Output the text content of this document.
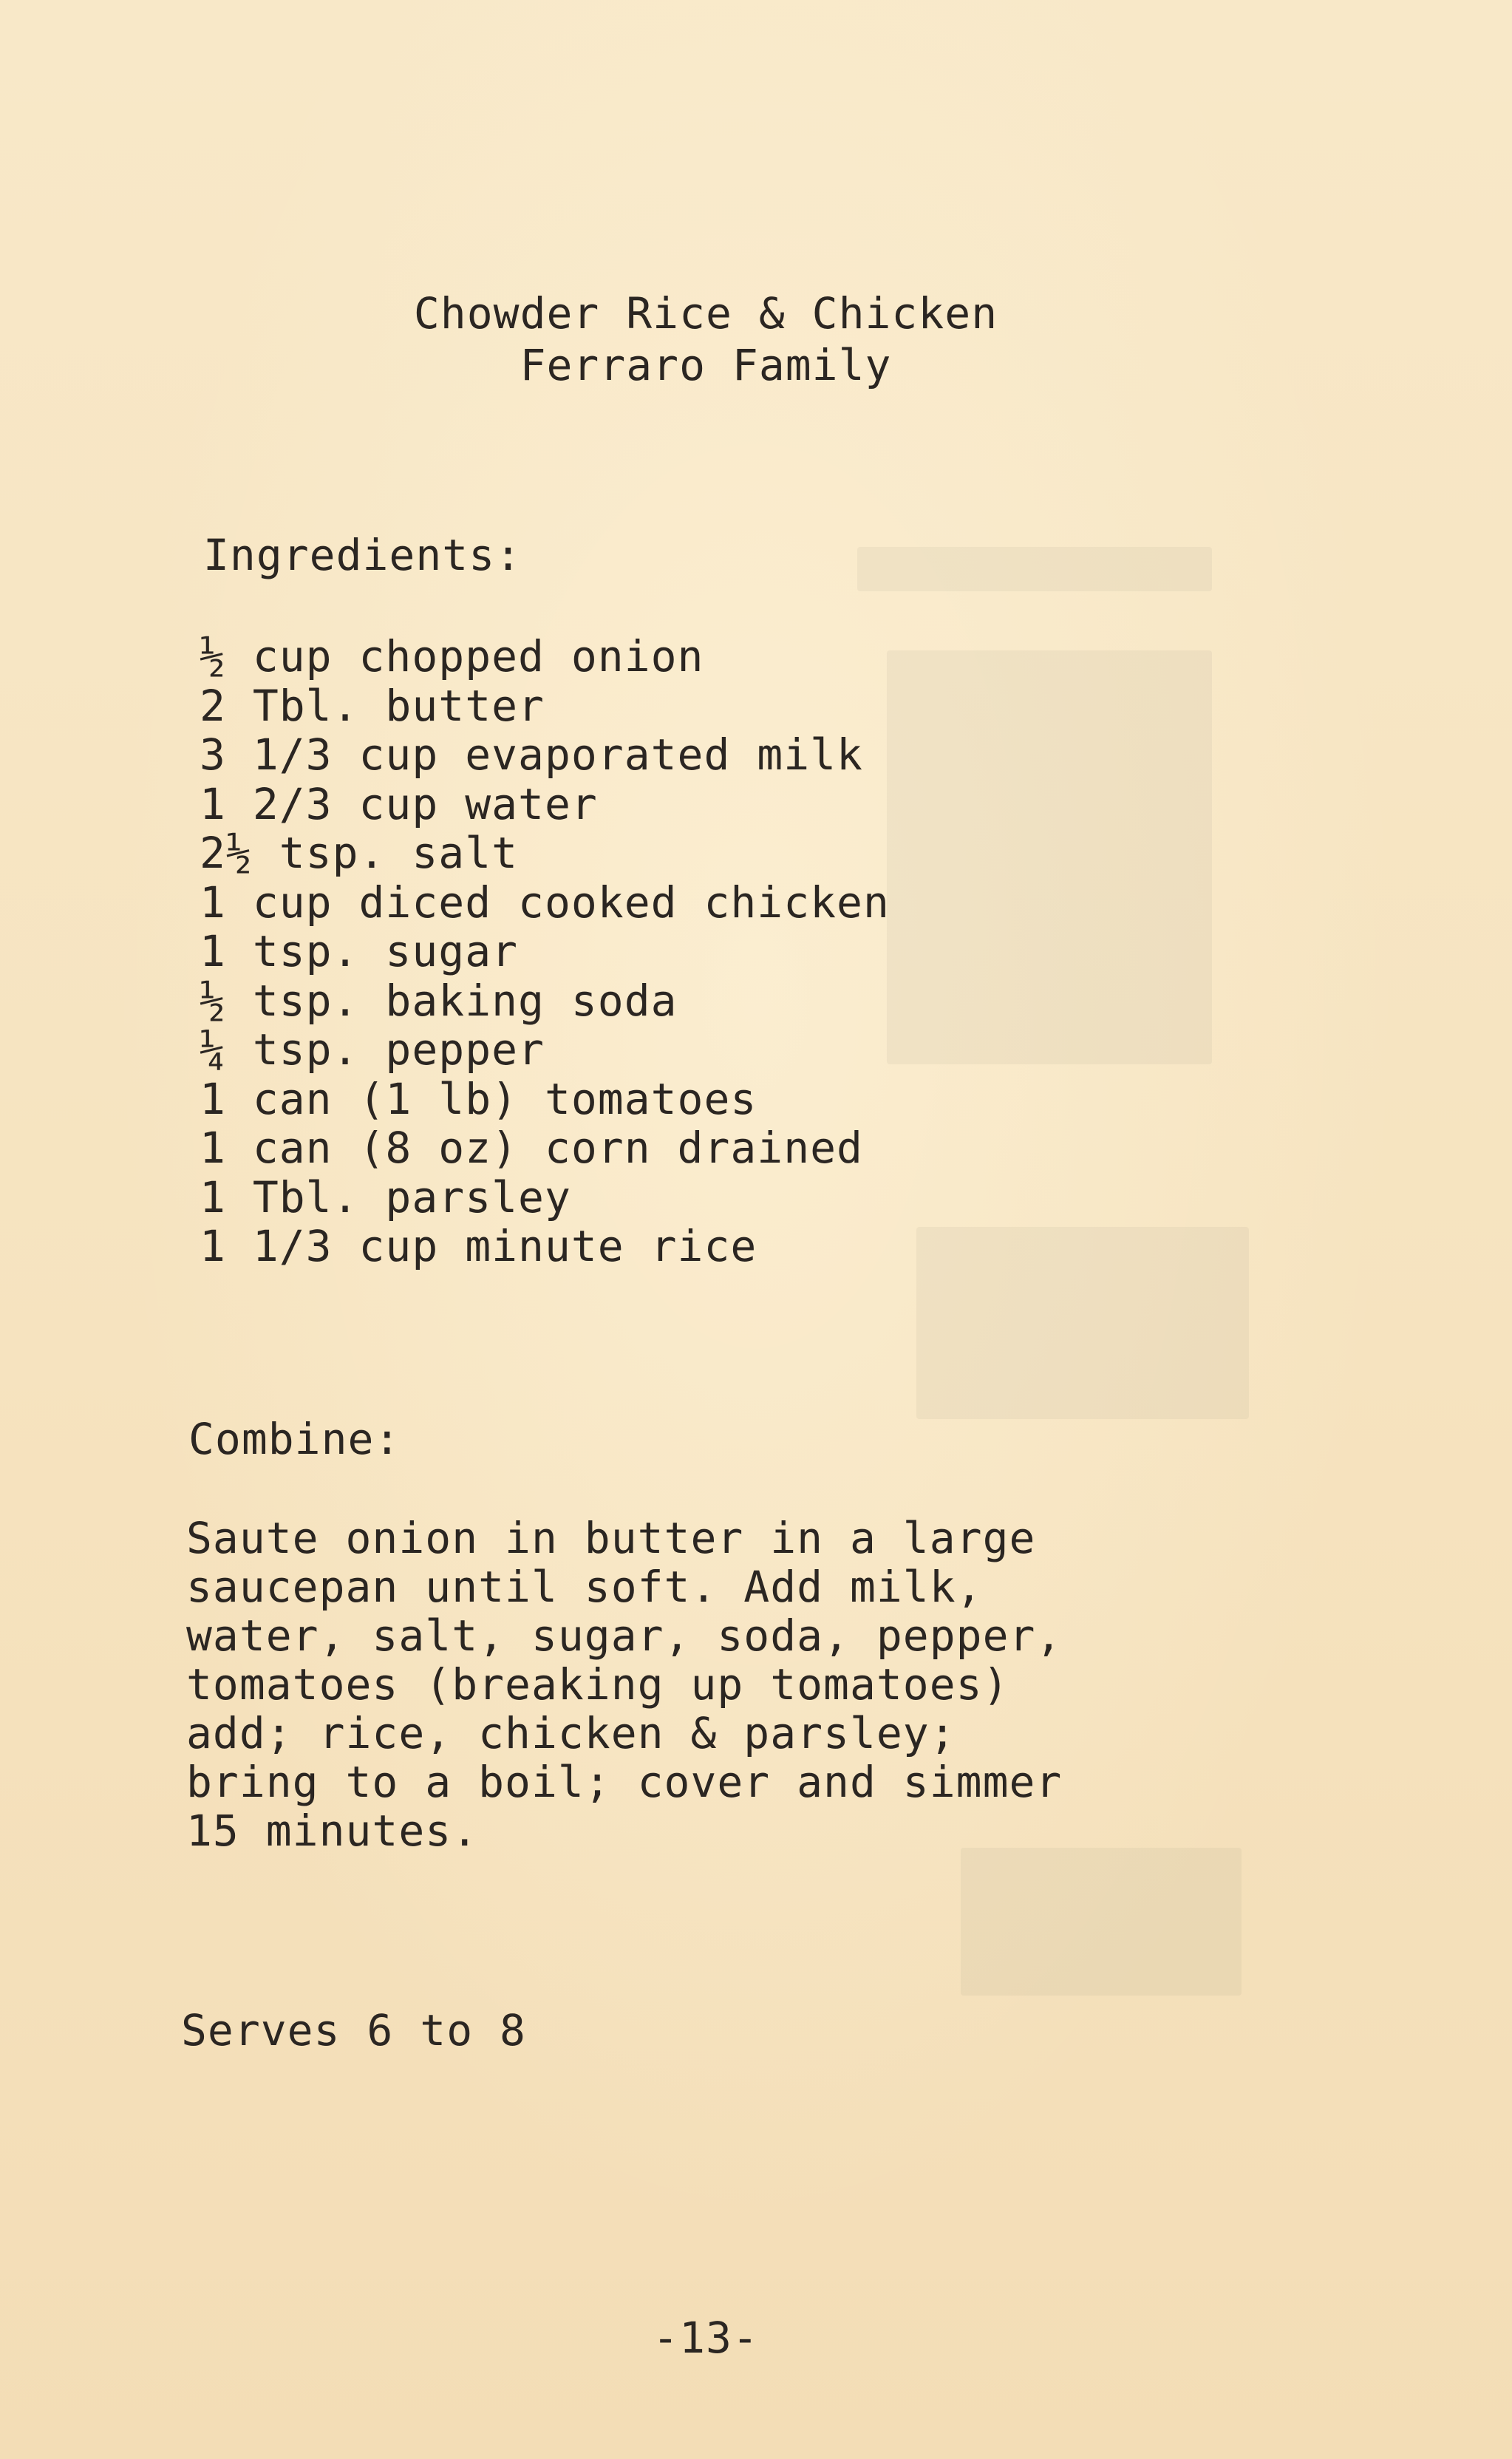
Chowder Rice & Chicken
Ferraro Family
Ingredients:
½ cup chopped onion
2 Tbl. butter
3 1/3 cup evaporated milk
1 2/3 cup water
2½ tsp. salt
1 cup diced cooked chicken
1 tsp. sugar
½ tsp. baking soda
¼ tsp. pepper
1 can (1 lb) tomatoes
1 can (8 oz) corn drained
1 Tbl. parsley
1 1/3 cup minute rice
Combine:
Saute onion in butter in a large
saucepan until soft. Add milk,
water, salt, sugar, soda, pepper,
tomatoes (breaking up tomatoes)
add; rice, chicken & parsley;
bring to a boil; cover and simmer
15 minutes.
Serves 6 to 8
-13-
